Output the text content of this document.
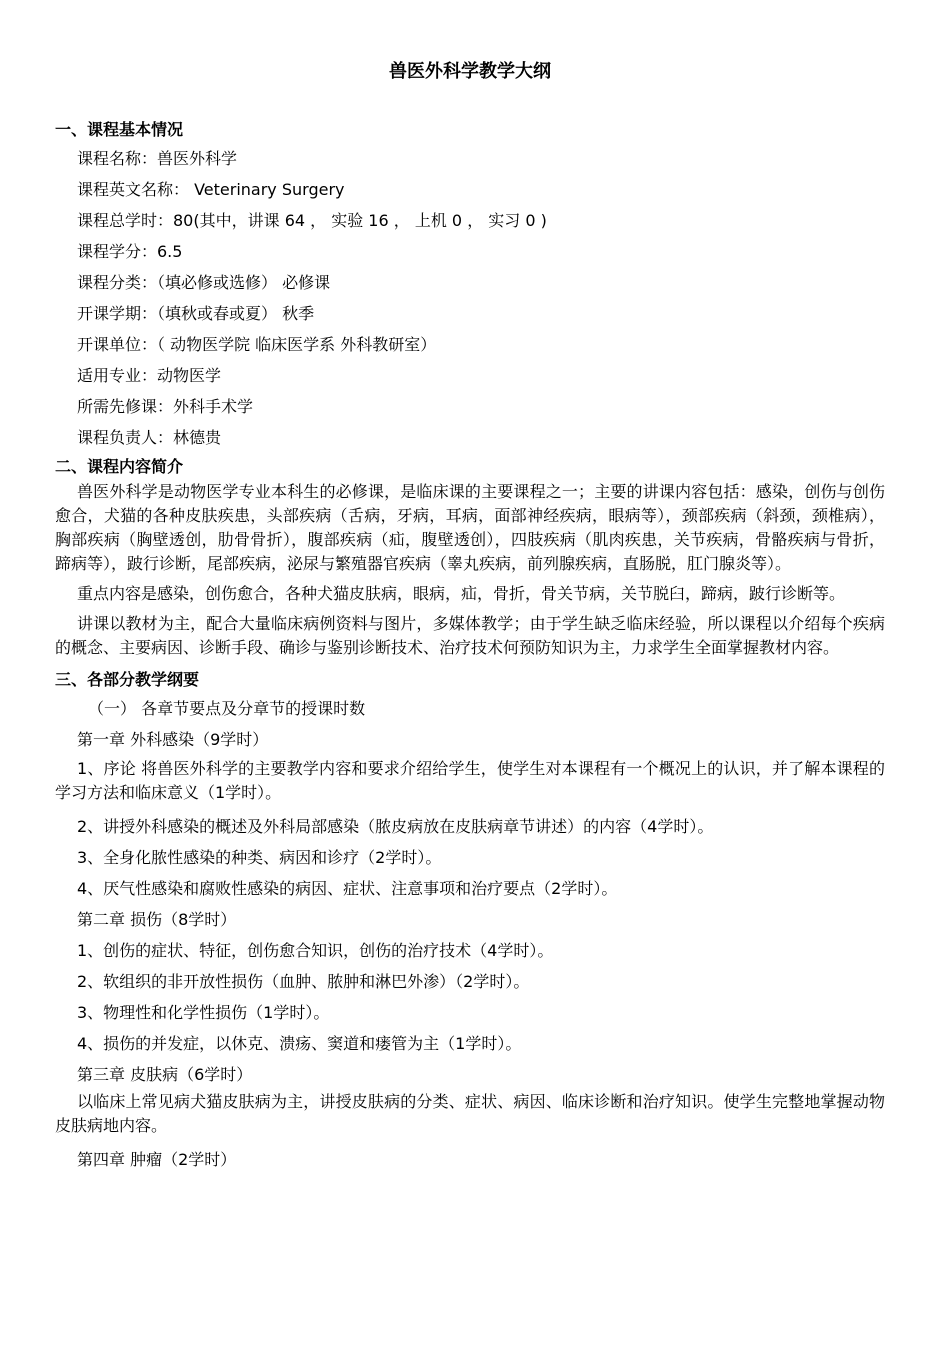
兽医外科学教学大纲

一、课程基本情况

课程名称：兽医外科学

课程英文名称： Veterinary Surgery

课程总学时：80(其中，讲课 64 ， 实验 16 ， 上机 0 ， 实习 0 )

课程学分：6.5

课程分类：（填必修或选修） 必修课

开课学期：（填秋或春或夏） 秋季

开课单位：（ 动物医学院 临床医学系 外科教研室）

适用专业：动物医学

所需先修课：外科手术学

课程负责人：林德贵

二、课程内容简介

兽医外科学是动物医学专业本科生的必修课，是临床课的主要课程之一；主要的讲课内容包括：感染，创伤与创伤愈合，犬猫的各种皮肤疾患，头部疾病（舌病，牙病，耳病，面部神经疾病，眼病等），颈部疾病（斜颈，颈椎病），胸部疾病（胸壁透创，肋骨骨折），腹部疾病（疝，腹壁透创），四肢疾病（肌肉疾患，关节疾病，骨骼疾病与骨折，蹄病等），跛行诊断，尾部疾病，泌尿与繁殖器官疾病（睾丸疾病，前列腺疾病，直肠脱，肛门腺炎等）。

重点内容是感染，创伤愈合，各种犬猫皮肤病，眼病，疝，骨折，骨关节病，关节脱臼，蹄病，跛行诊断等。

讲课以教材为主，配合大量临床病例资料与图片，多媒体教学；由于学生缺乏临床经验，所以课程以介绍每个疾病的概念、主要病因、诊断手段、确诊与鉴别诊断技术、治疗技术何预防知识为主，力求学生全面掌握教材内容。

三、各部分教学纲要

（一） 各章节要点及分章节的授课时数

第一章 外科感染（9学时）

1、序论 将兽医外科学的主要教学内容和要求介绍给学生，使学生对本课程有一个概况上的认识，并了解本课程的学习方法和临床意义（1学时）。

2、讲授外科感染的概述及外科局部感染（脓皮病放在皮肤病章节讲述）的内容（4学时）。

3、全身化脓性感染的种类、病因和诊疗（2学时）。

4、厌气性感染和腐败性感染的病因、症状、注意事项和治疗要点（2学时）。

第二章 损伤（8学时）

1、创伤的症状、特征，创伤愈合知识，创伤的治疗技术（4学时）。

2、软组织的非开放性损伤（血肿、脓肿和淋巴外渗）（2学时）。

3、物理性和化学性损伤（1学时）。

4、损伤的并发症，以休克、溃疡、窦道和瘘管为主（1学时）。

第三章 皮肤病（6学时）

以临床上常见病犬猫皮肤病为主，讲授皮肤病的分类、症状、病因、临床诊断和治疗知识。使学生完整地掌握动物皮肤病地内容。

第四章 肿瘤（2学时）
